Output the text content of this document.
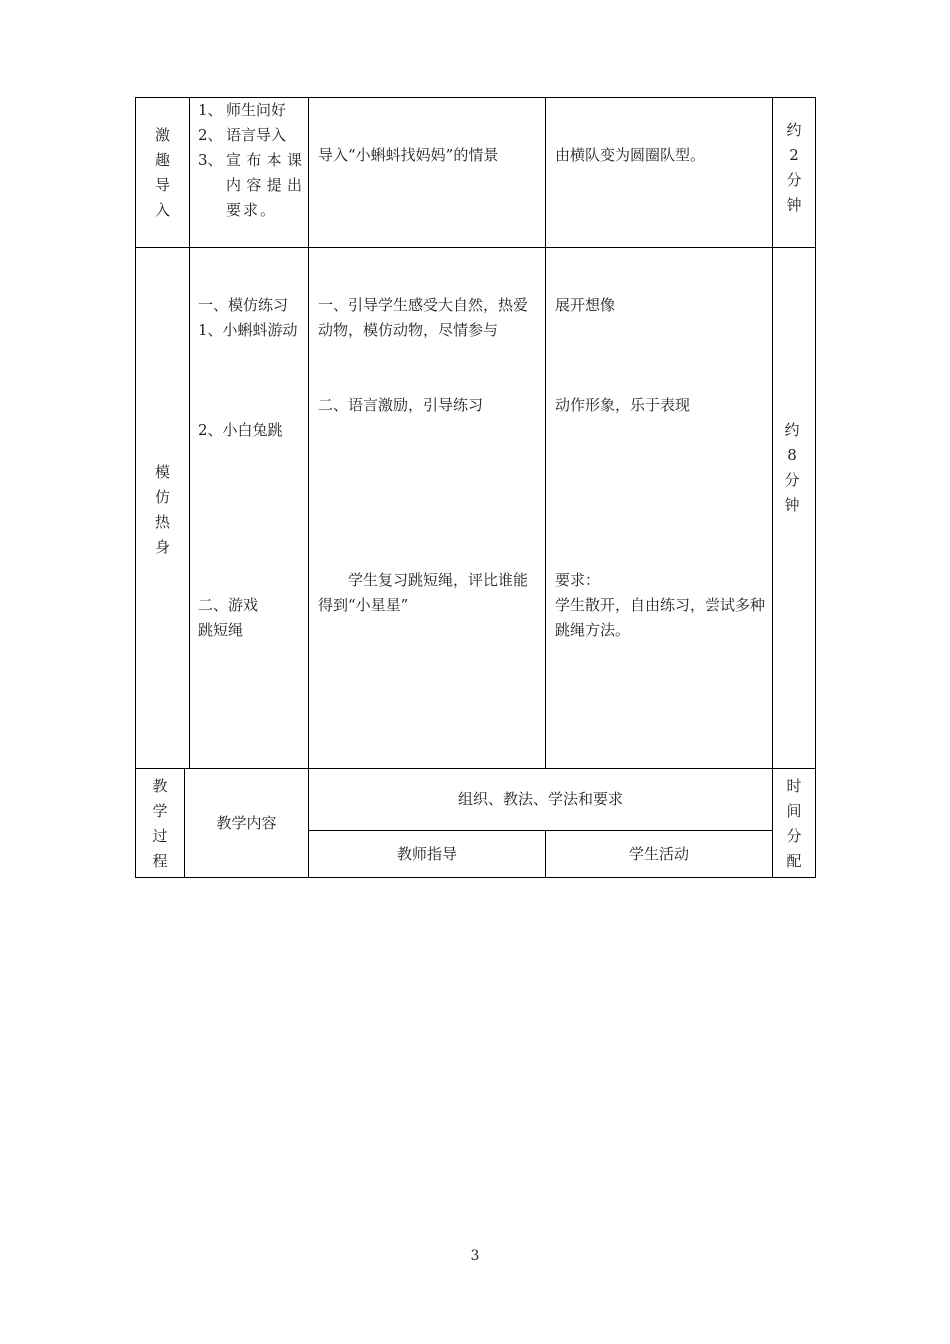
激
趣
导
入
1、 师生问好
2、 语言导入
3、 宣布本课内容提出要求。
导入“小蝌蚪找妈妈”的情景	由横队变为圆圈队型。
约
2
分
钟
模
仿
热
身
一、模仿练习
1、小蝌蚪游动
2、小白兔跳
二、游戏
跳短绳
一、引导学生感受大自然，热爱动物，模仿动物，尽情参与
二、语言激励，引导练习
学生复习跳短绳，评比谁能得到“小星星”
展开想像
动作形象，乐于表现
要求：
学生散开，自由练习，尝试多种跳绳方法。
约
8
分
钟
教
学
过
程
教学内容
组织、教法、学法和要求
教师指导	学生活动
时
间
分
配
3
